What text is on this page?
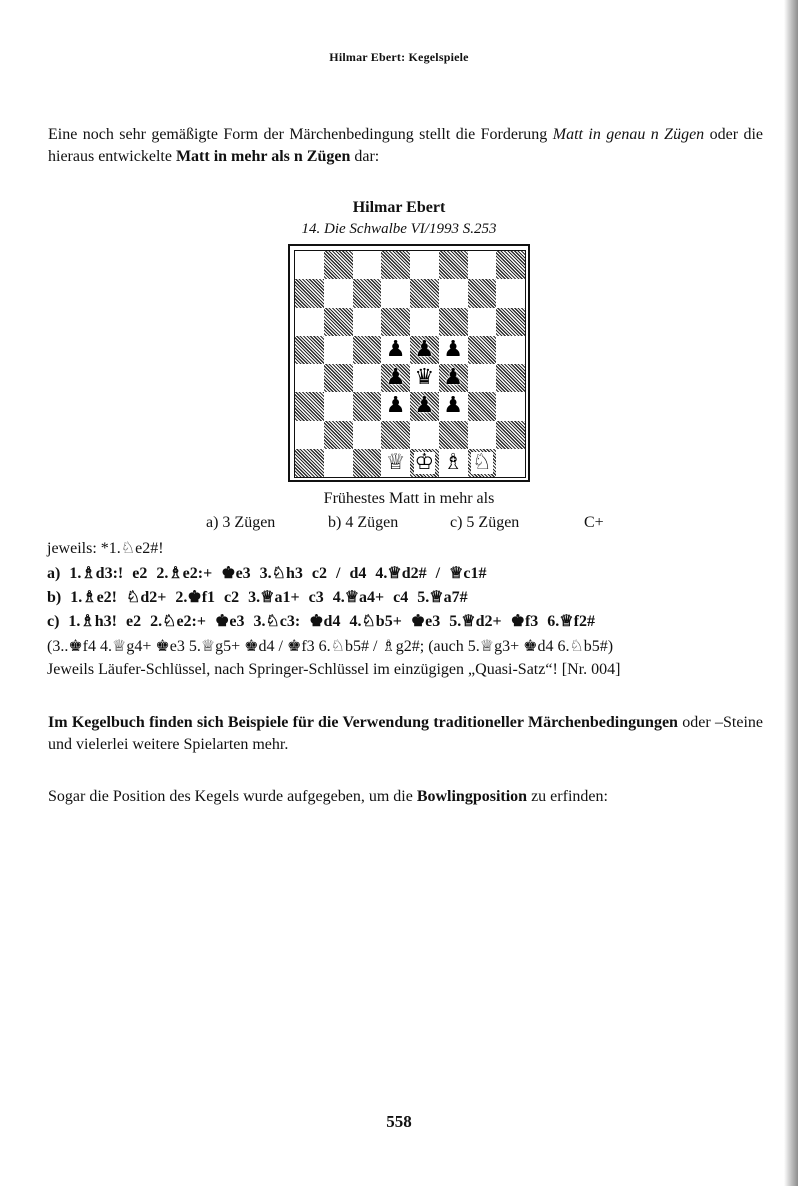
Hilmar Ebert: Kegelspiele
Eine noch sehr gemäßigte Form der Märchenbedingung stellt die Forderung Matt in genau n Zügen oder die hieraus entwickelte Matt in mehr als n Zügen dar:
Hilmar Ebert
14. Die Schwalbe VI/1993 S.253
♟ ♟ ♟
♟ ♛ ♟
♟ ♟ ♟
♕ ♔ ♗ ♘
Frühestes Matt in mehr als
a) 3 Zügen	b) 4 Zügen	c) 5 Zügen	C+
jeweils: *1.♘e2#!
a) 1.♗d3:! e2 2.♗e2:+ ♚e3 3.♘h3 c2 / d4 4.♕d2# / ♕c1#
b) 1.♗e2! ♘d2+ 2.♚f1 c2 3.♕a1+ c3 4.♕a4+ c4 5.♕a7#
c) 1.♗h3! e2 2.♘e2:+ ♚e3 3.♘c3: ♚d4 4.♘b5+ ♚e3 5.♕d2+ ♚f3 6.♕f2#
(3..♚f4 4.♕g4+ ♚e3 5.♕g5+ ♚d4 / ♚f3 6.♘b5# / ♗g2#; (auch 5.♕g3+ ♚d4 6.♘b5#)
Jeweils Läufer-Schlüssel, nach Springer-Schlüssel im einzügigen „Quasi-Satz“! [Nr. 004]
Im Kegelbuch finden sich Beispiele für die Verwendung traditioneller Märchenbedingungen oder –Steine und vielerlei weitere Spielarten mehr.
Sogar die Position des Kegels wurde aufgegeben, um die Bowlingposition zu erfinden:
558
